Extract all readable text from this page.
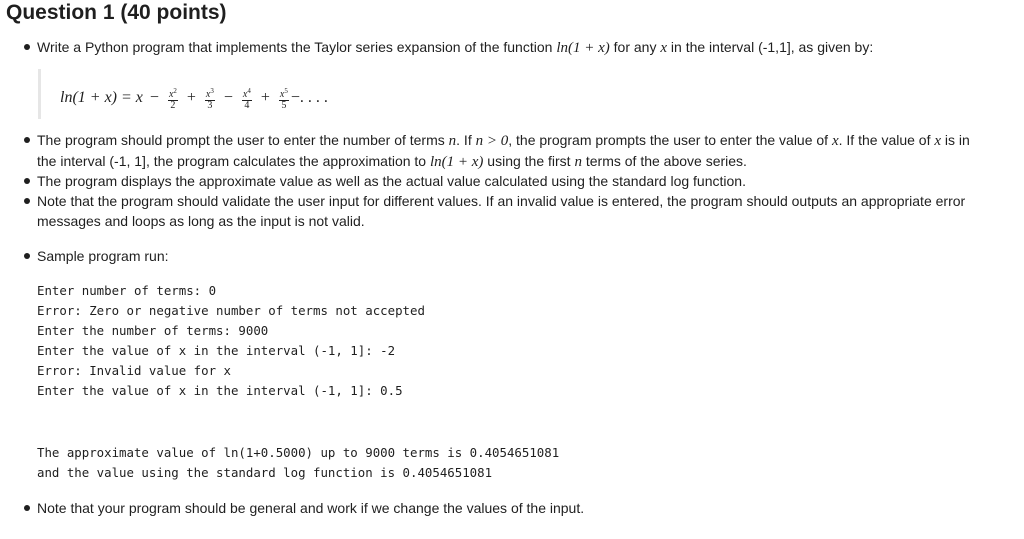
Question 1 (40 points)
Write a Python program that implements the Taylor series expansion of the function ln(1 + x) for any x in the interval (-1,1], as given by:
$\ln(1 + x) = x - \frac{x^2}{2} + \frac{x^3}{3} - \frac{x^4}{4} + \frac{x^5}{5}$ −. . . .
The program should prompt the user to enter the number of terms n. If n > 0, the program prompts the user to enter the value of x. If the value of x is in
the interval (-1, 1], the program calculates the approximation to ln(1 + x) using the first n terms of the above series.
The program displays the approximate value as well as the actual value calculated using the standard log function.
Note that the program should validate the user input for different values. If an invalid value is entered, the program should outputs an appropriate error
messages and loops as long as the input is not valid.
Sample program run:
Enter number of terms: 0
Error: Zero or negative number of terms not accepted
Enter the number of terms: 9000
Enter the value of x in the interval (-1, 1]: -2
Error: Invalid value for x
Enter the value of x in the interval (-1, 1]: 0.5
The approximate value of ln(1+0.5000) up to 9000 terms is 0.4054651081
and the value using the standard log function is 0.4054651081
Note that your program should be general and work if we change the values of the input.
